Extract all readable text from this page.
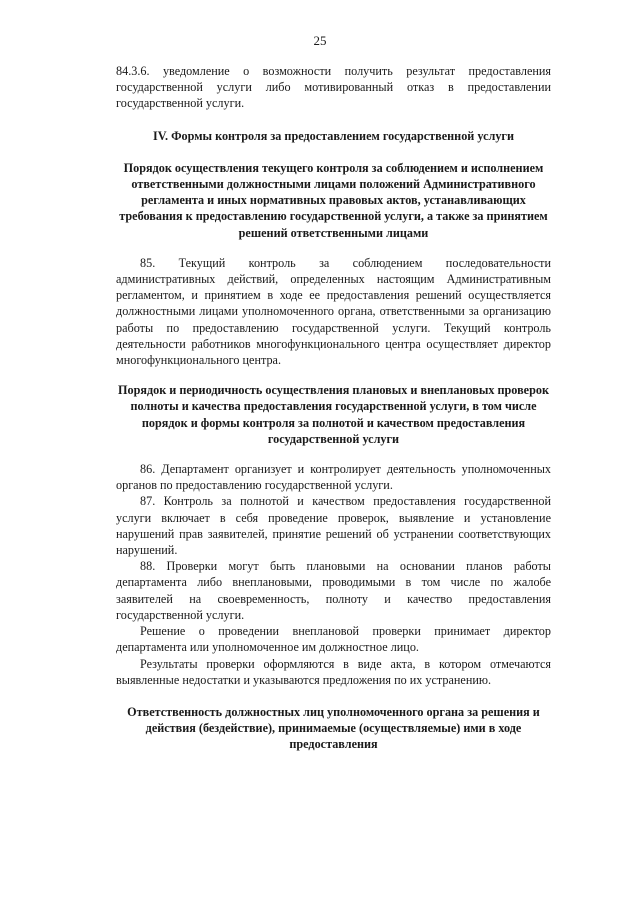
25

84.3.6. уведомление о возможности получить результат предоставления государственной услуги либо мотивированный отказ в предоставлении государственной услуги.

IV. Формы контроля за предоставлением государственной услуги
Порядок осуществления текущего контроля за соблюдением и исполнением ответственными должностными лицами положений Административного регламента и иных нормативных правовых актов, устанавливающих требования к предоставлению государственной услуги, а также за принятием решений ответственными лицами

85. Текущий контроль за соблюдением последовательности административных действий, определенных настоящим Административным регламентом, и принятием в ходе ее предоставления решений осуществляется должностными лицами уполномоченного органа, ответственными за организацию работы по предоставлению государственной услуги. Текущий контроль деятельности работников многофункционального центра осуществляет директор многофункционального центра.

Порядок и периодичность осуществления плановых и внеплановых проверок полноты и качества предоставления государственной услуги, в том числе порядок и формы контроля за полнотой и качеством предоставления государственной услуги

86. Департамент организует и контролирует деятельность уполномоченных органов по предоставлению государственной услуги.

87. Контроль за полнотой и качеством предоставления государственной услуги включает в себя проведение проверок, выявление и установление нарушений прав заявителей, принятие решений об устранении соответствующих нарушений.

88. Проверки могут быть плановыми на основании планов работы департамента либо внеплановыми, проводимыми в том числе по жалобе заявителей на своевременность, полноту и качество предоставления государственной услуги.

Решение о проведении внеплановой проверки принимает директор департамента или уполномоченное им должностное лицо.

Результаты проверки оформляются в виде акта, в котором отмечаются выявленные недостатки и указываются предложения по их устранению.

Ответственность должностных лиц уполномоченного органа за решения и действия (бездействие), принимаемые (осуществляемые) ими в ходе предоставления
